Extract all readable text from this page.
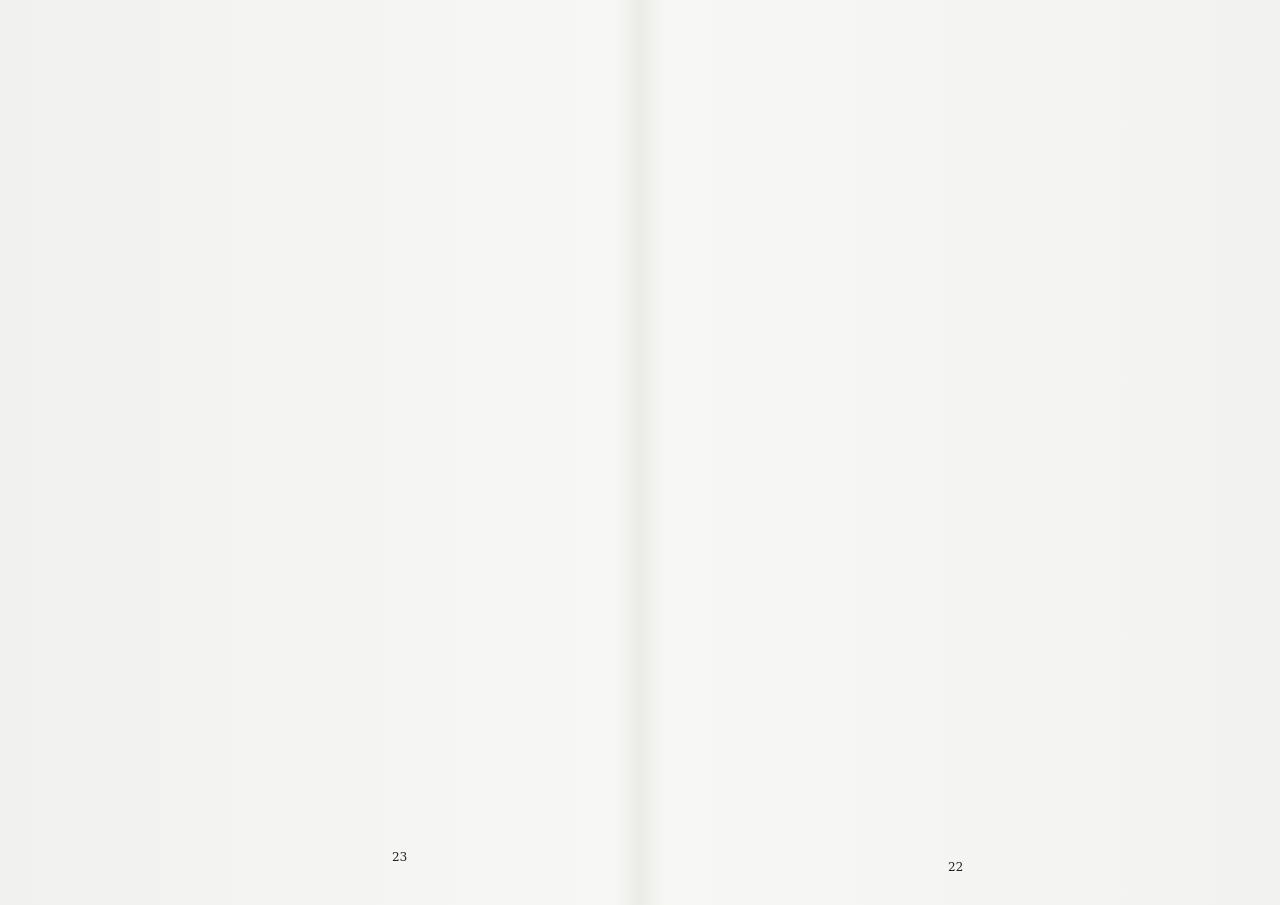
23
22
